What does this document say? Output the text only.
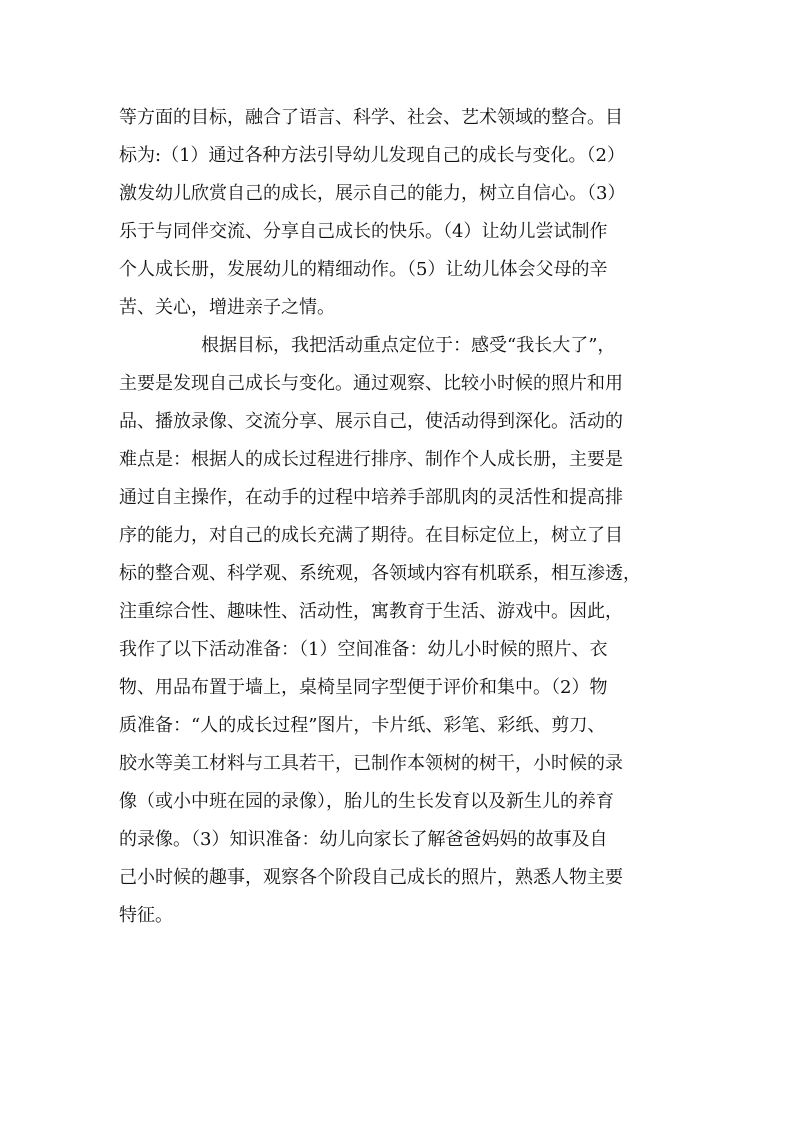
等方面的目标，融合了语言、科学、社会、艺术领域的整合。目
标为:（1）通过各种方法引导幼儿发现自己的成长与变化。（2）
激发幼儿欣赏自己的成长，展示自己的能力，树立自信心。（3）
乐于与同伴交流、分享自己成长的快乐。（4）让幼儿尝试制作
个人成长册，发展幼儿的精细动作。（5）让幼儿体会父母的辛
苦、关心，增进亲子之情。
根据目标，我把活动重点定位于：感受“我长大了”，
主要是发现自己成长与变化。通过观察、比较小时候的照片和用
品、播放录像、交流分享、展示自己，使活动得到深化。活动的
难点是：根据人的成长过程进行排序、制作个人成长册，主要是
通过自主操作，在动手的过程中培养手部肌肉的灵活性和提高排
序的能力，对自己的成长充满了期待。在目标定位上，树立了目
标的整合观、科学观、系统观，各领域内容有机联系，相互渗透，
注重综合性、趣味性、活动性，寓教育于生活、游戏中。因此，
我作了以下活动准备：（1）空间准备：幼儿小时候的照片、衣
物、用品布置于墙上，桌椅呈同字型便于评价和集中。（2）物
质准备：“人的成长过程”图片，卡片纸、彩笔、彩纸、剪刀、
胶水等美工材料与工具若干，已制作本领树的树干，小时候的录
像（或小中班在园的录像），胎儿的生长发育以及新生儿的养育
的录像。（3）知识准备：幼儿向家长了解爸爸妈妈的故事及自
己小时候的趣事，观察各个阶段自己成长的照片，熟悉人物主要
特征。
